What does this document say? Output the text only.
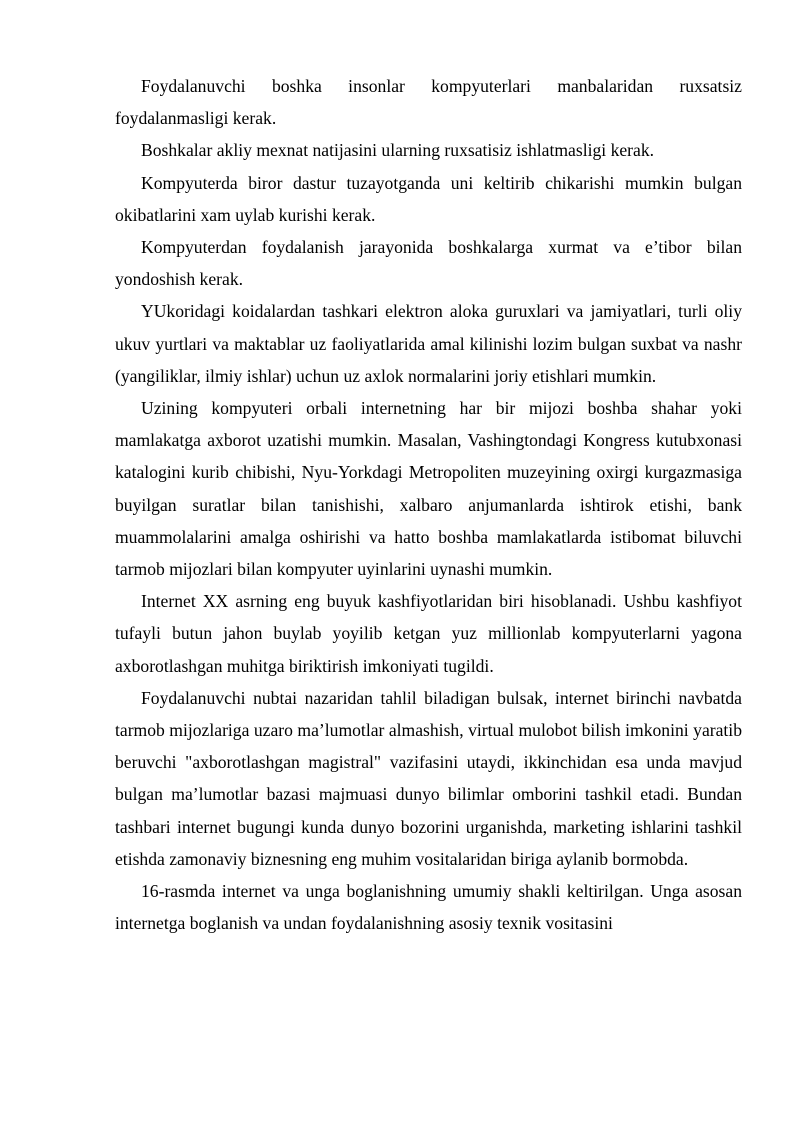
Foydalanuvchi boshka insonlar kompyuterlari manbalaridan ruxsatsiz foydalanmasligi kerak.

Boshkalar akliy mexnat natijasini ularning ruxsatisiz ishlatmasligi kerak.

Kompyuterda biror dastur tuzayotganda uni keltirib chikarishi mumkin bulgan okibatlarini xam uylab kurishi kerak.

Kompyuterdan foydalanish jarayonida boshkalarga xurmat va e’tibor bilan yondoshish kerak.

YUkoridagi koidalardan tashkari elektron aloka guruxlari va jamiyatlari, turli oliy ukuv yurtlari va maktablar uz faoliyatlarida amal kilinishi lozim bulgan suxbat va nashr (yangiliklar, ilmiy ishlar) uchun uz axlok normalarini joriy etishlari mumkin.

Uzining kompyuteri orbali internetning har bir mijozi boshba shahar yoki mamlakatga axborot uzatishi mumkin. Masalan, Vashingtondagi Kongress kutubxonasi katalogini kurib chibishi, Nyu-Yorkdagi Metropoliten muzeyining oxirgi kurgazmasiga buyilgan suratlar bilan tanishishi, xalbaro anjumanlarda ishtirok etishi, bank muammolalarini amalga oshirishi va hatto boshba mamlakatlarda istibomat biluvchi tarmob mijozlari bilan kompyuter uyinlarini uynashi mumkin.

Internet XX asrning eng buyuk kashfiyotlaridan biri hisoblanadi. Ushbu kashfiyot tufayli butun jahon buylab yoyilib ketgan yuz millionlab kompyuterlarni yagona axborotlashgan muhitga biriktirish imkoniyati tugildi.

Foydalanuvchi nubtai nazaridan tahlil biladigan bulsak, internet birinchi navbatda tarmob mijozlariga uzaro ma’lumotlar almashish, virtual mulobot bilish imkonini yaratib beruvchi "axborotlashgan magistral" vazifasini utaydi, ikkinchidan esa unda mavjud bulgan ma’lumotlar bazasi majmuasi dunyo bilimlar omborini tashkil etadi. Bundan tashbari internet bugungi kunda dunyo bozorini urganishda, marketing ishlarini tashkil etishda zamonaviy biznesning eng muhim vositalaridan biriga aylanib bormobda.

16-rasmda internet va unga boglanishning umumiy shakli keltirilgan. Unga asosan internetga boglanish va undan foydalanishning asosiy texnik vositasini
